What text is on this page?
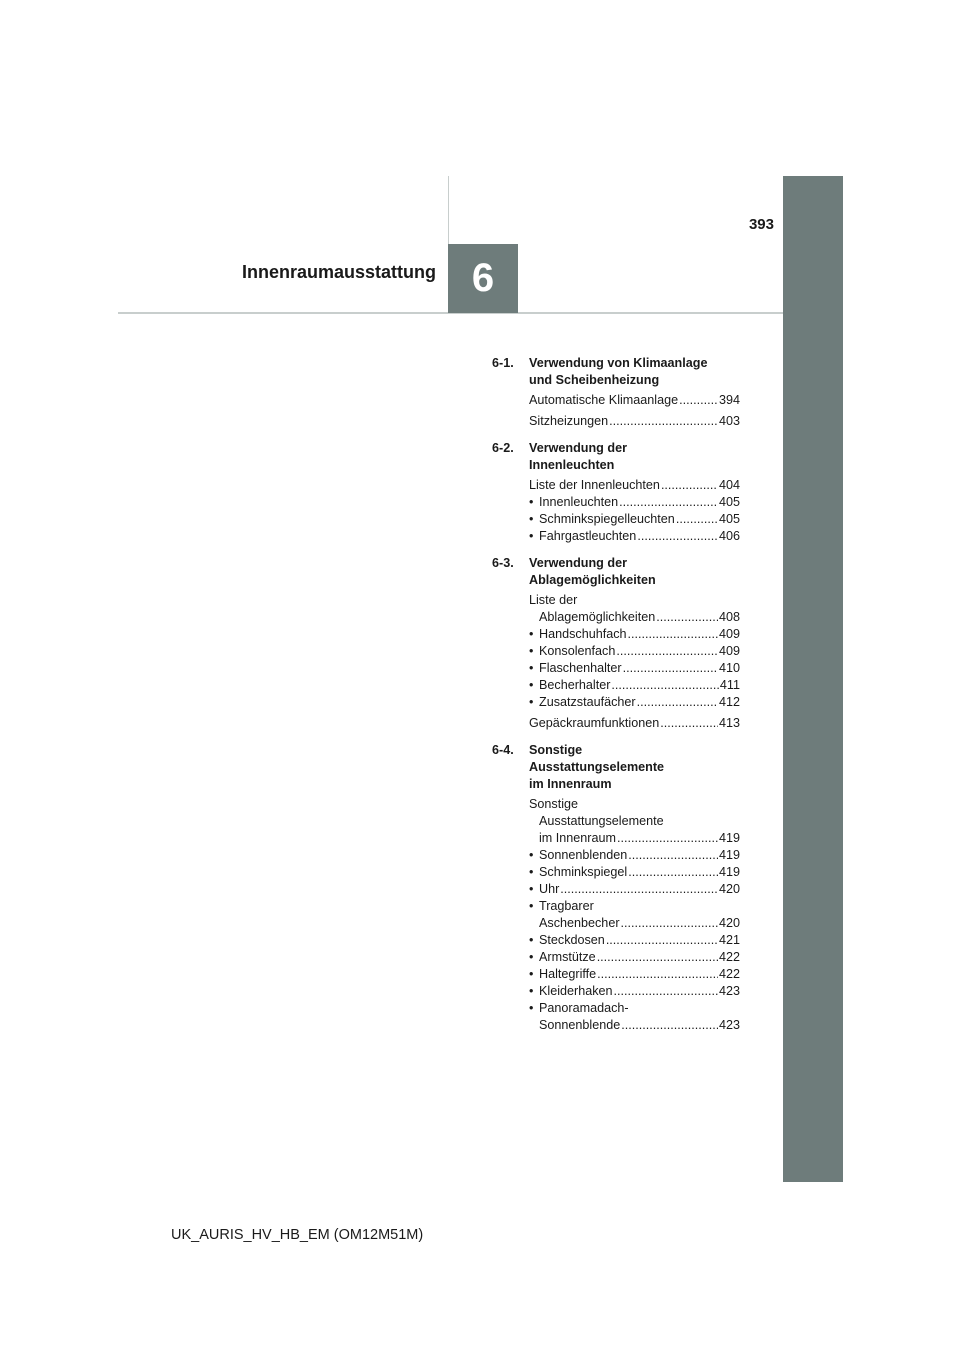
6
393
Innenraumausstattung
6-1.	Verwendung von Klimaanlage
und Scheibenheizung
Automatische Klimaanlage .....	394
Sitzheizungen .....	403
6-2.	Verwendung der
Innenleuchten
Liste der Innenleuchten .....	404
• Innenleuchten .....	405
• Schminkspiegelleuchten .....	405
• Fahrgastleuchten .....	406
6-3.	Verwendung der
Ablagemöglichkeiten
Liste der
Ablagemöglichkeiten .....	408
• Handschuhfach .....	409
• Konsolenfach .....	409
• Flaschenhalter .....	410
• Becherhalter .....	411
• Zusatzstaufächer .....	412
Gepäckraumfunktionen .....	413
6-4.	Sonstige
Ausstattungselemente
im Innenraum
Sonstige
Ausstattungselemente
im Innenraum .....	419
• Sonnenblenden .....	419
• Schminkspiegel .....	419
• Uhr .....	420
• Tragbarer
Aschenbecher .....	420
• Steckdosen .....	421
• Armstütze .....	422
• Haltegriffe .....	422
• Kleiderhaken .....	423
• Panoramadach-
Sonnenblende .....	423
UK_AURIS_HV_HB_EM (OM12M51M)
